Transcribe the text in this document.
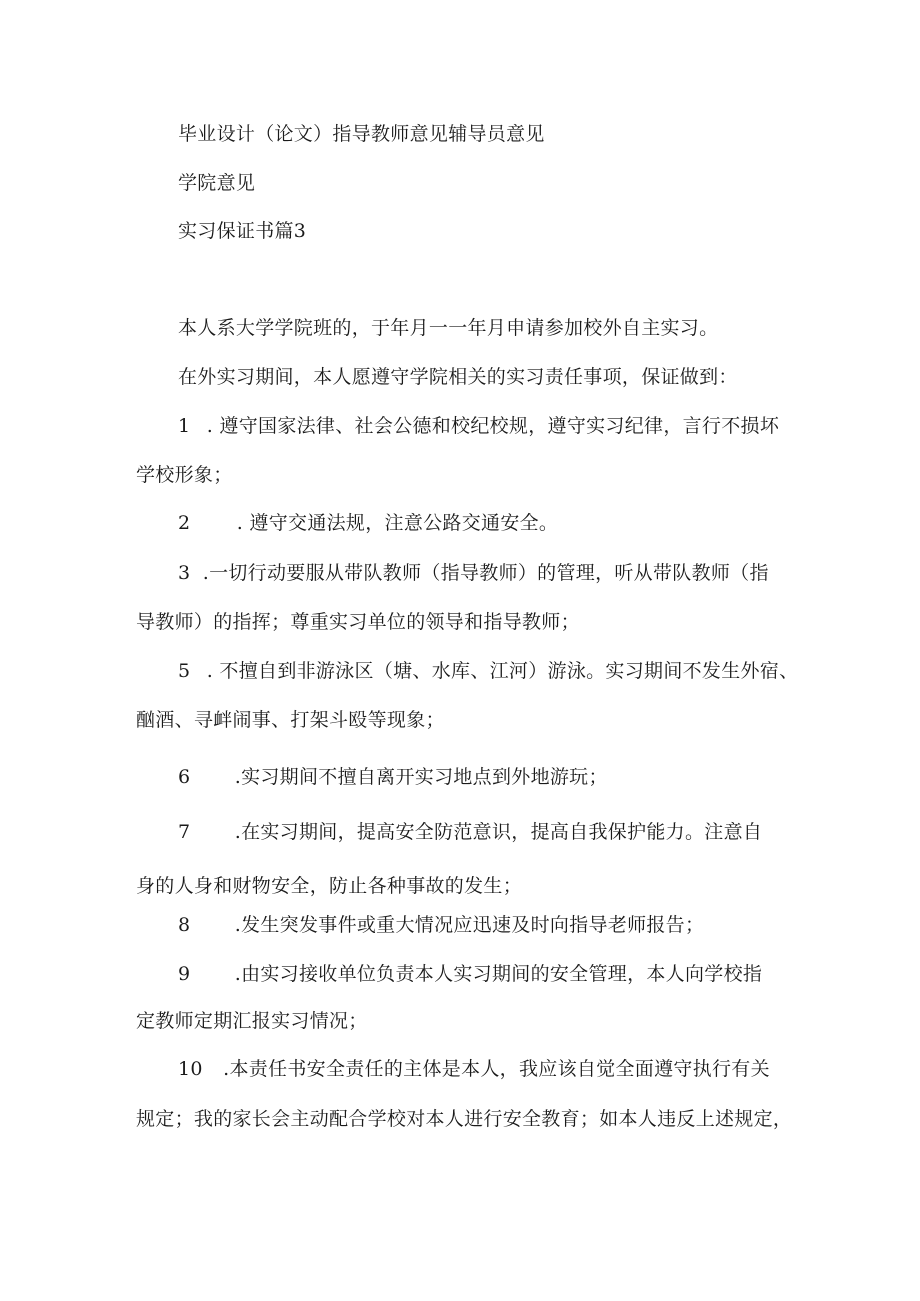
毕业设计（论文）指导教师意见辅导员意见
学院意见
实习保证书篇3
本人系大学学院班的，于年月一一年月申请参加校外自主实习。
在外实习期间，本人愿遵守学院相关的实习责任事项，保证做到：
1 . 遵守国家法律、社会公德和校纪校规，遵守实习纪律，言行不损坏
学校形象；
2 . 遵守交通法规，注意公路交通安全。
3 .一切行动要服从带队教师（指导教师）的管理，听从带队教师（指
导教师）的指挥；尊重实习单位的领导和指导教师；
5 . 不擅自到非游泳区（塘、水库、江河）游泳。实习期间不发生外宿、
酗酒、寻衅闹事、打架斗殴等现象；
6 .实习期间不擅自离开实习地点到外地游玩；
7 .在实习期间，提高安全防范意识，提高自我保护能力。注意自
身的人身和财物安全，防止各种事故的发生；
8 .发生突发事件或重大情况应迅速及时向指导老师报告；
9 .由实习接收单位负责本人实习期间的安全管理，本人向学校指
定教师定期汇报实习情况；
10 .本责任书安全责任的主体是本人，我应该自觉全面遵守执行有关
规定；我的家长会主动配合学校对本人进行安全教育；如本人违反上述规定，
